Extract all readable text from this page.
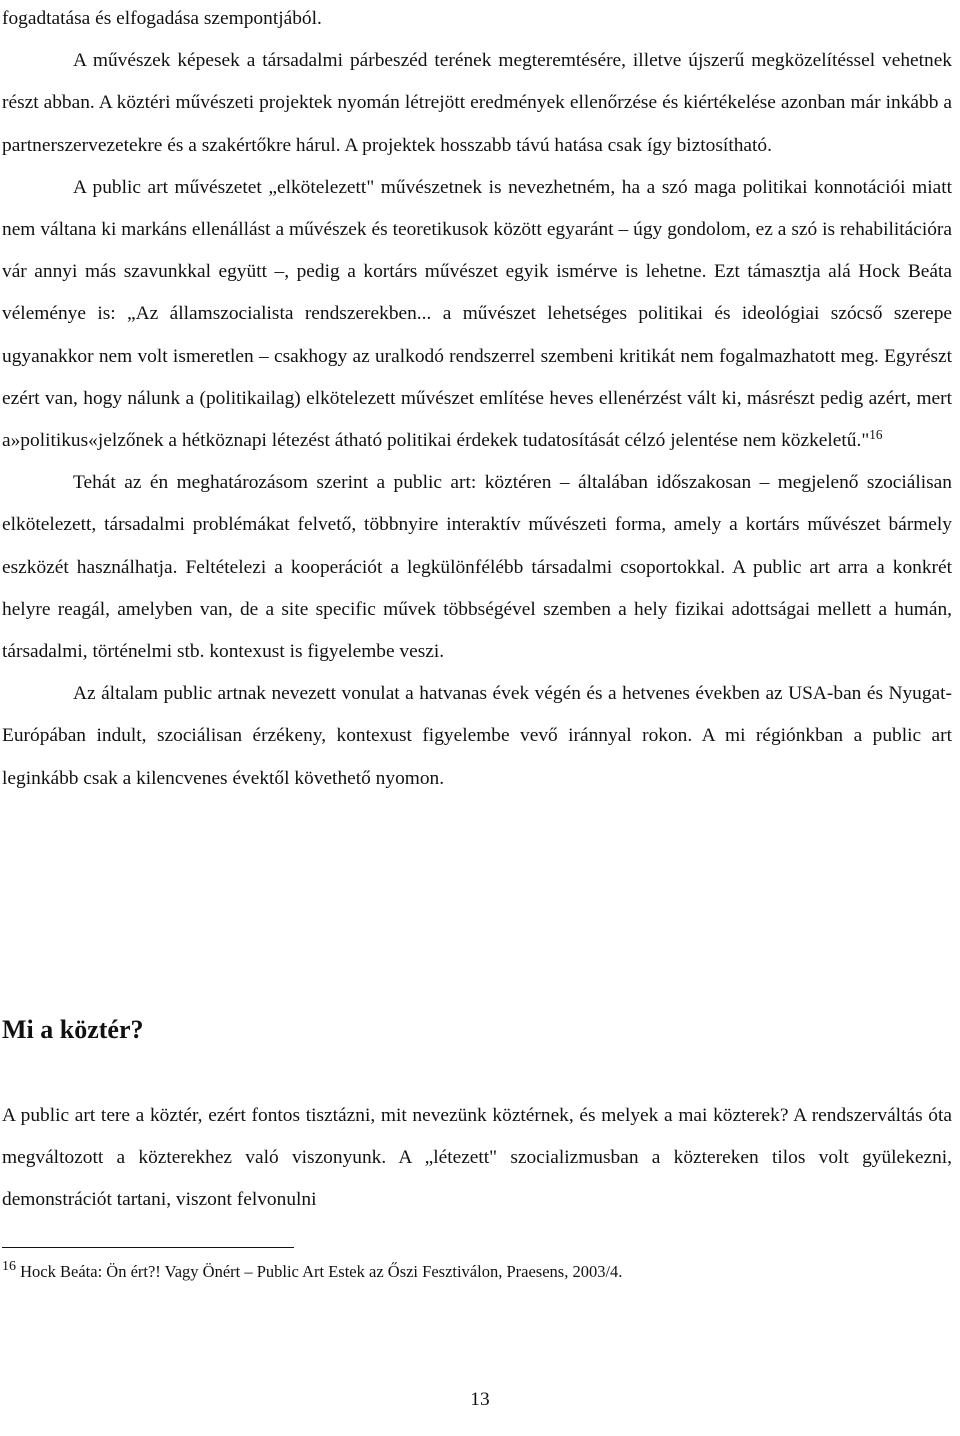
fogadtatása és elfogadása szempontjából.

A művészek képesek a társadalmi párbeszéd terének megteremtésére, illetve újszerű megközelítéssel vehetnek részt abban. A köztéri művészeti projektek nyomán létrejött eredmények ellenőrzése és kiértékelése azonban már inkább a partnerszervezetekre és a szakértőkre hárul. A projektek hosszabb távú hatása csak így biztosítható.

A public art művészetet „elkötelezett" művészetnek is nevezhetném, ha a szó maga politikai konnotációi miatt nem váltana ki markáns ellenállást a művészek és teoretikusok között egyaránt – úgy gondolom, ez a szó is rehabilitációra vár annyi más szavunkkal együtt –, pedig a kortárs művészet egyik ismérve is lehetne. Ezt támasztja alá Hock Beáta véleménye is: „Az államszocialista rendszerekben... a művészet lehetséges politikai és ideológiai szócső szerepe ugyanakkor nem volt ismeretlen – csakhogy az uralkodó rendszerrel szembeni kritikát nem fogalmazhatott meg. Egyrészt ezért van, hogy nálunk a (politikailag) elkötelezett művészet említése heves ellenérzést vált ki, másrészt pedig azért, mert a»politikus«jelzőnek a hétköznapi létezést átható politikai érdekek tudatosítását célzó jelentése nem közkeletű."$^{16}$

Tehát az én meghatározásom szerint a public art: köztéren – általában időszakosan – megjelenő szociálisan elkötelezett, társadalmi problémákat felvető, többnyire interaktív művészeti forma, amely a kortárs művészet bármely eszközét használhatja. Feltételezi a kooperációt a legkülönfélébb társadalmi csoportokkal. A public art arra a konkrét helyre reagál, amelyben van, de a site specific művek többségével szemben a hely fizikai adottságai mellett a humán, társadalmi, történelmi stb. kontexust is figyelembe veszi.

Az általam public artnak nevezett vonulat a hatvanas évek végén és a hetvenes években az USA-ban és Nyugat-Európában indult, szociálisan érzékeny, kontexust figyelembe vevő iránnyal rokon. A mi régiónkban a public art leginkább csak a kilencvenes évektől követhető nyomon.

Mi a köztér?

A public art tere a köztér, ezért fontos tisztázni, mit nevezünk köztérnek, és melyek a mai közterek? A rendszerváltás óta megváltozott a közterekhez való viszonyunk. A „létezett" szocializmusban a köztereken tilos volt gyülekezni, demonstrációt tartani, viszont felvonulni

$^{16}$ Hock Beáta: Ön ért?! Vagy Önért – Public Art Estek az Őszi Fesztiválon, Praesens, 2003/4.
13
